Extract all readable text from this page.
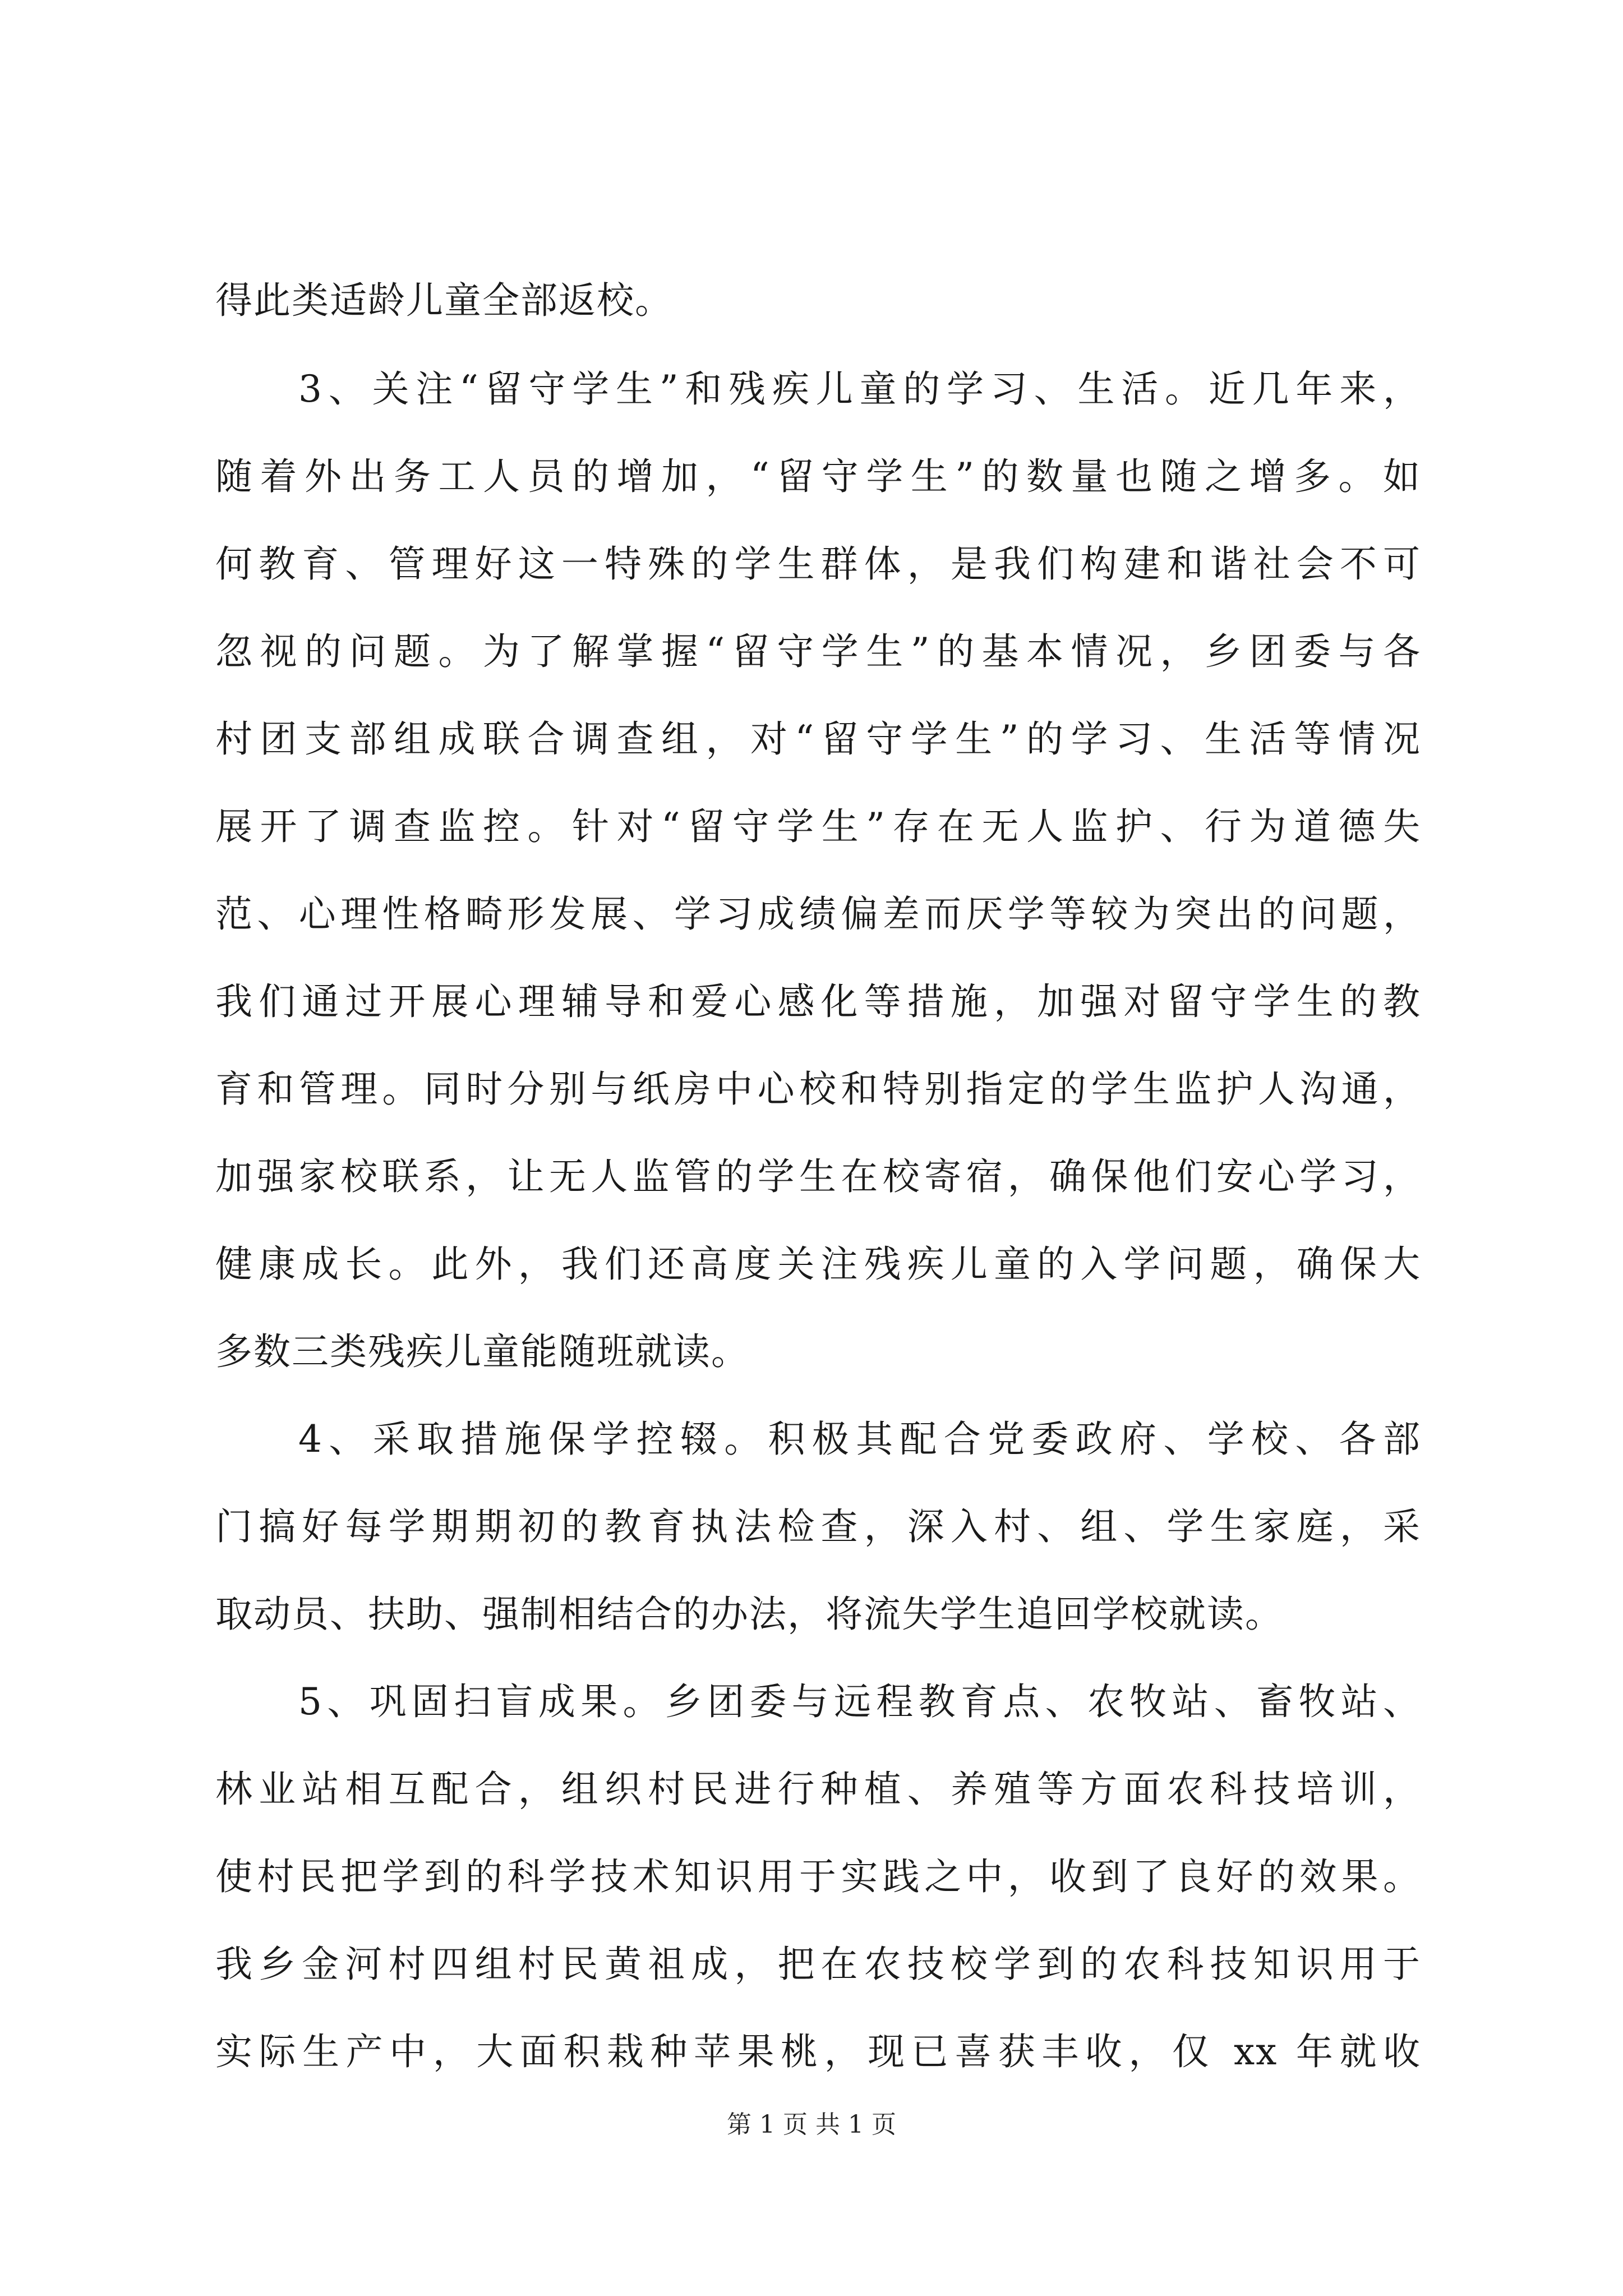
得此类适龄儿童全部返校。
3、关注“留守学生”和残疾儿童的学习、生活。近几年来，
随着外出务工人员的增加，“留守学生”的数量也随之增多。如
何教育、管理好这一特殊的学生群体，是我们构建和谐社会不可
忽视的问题。为了解掌握“留守学生”的基本情况，乡团委与各
村团支部组成联合调查组，对“留守学生”的学习、生活等情况
展开了调查监控。针对“留守学生”存在无人监护、行为道德失
范、心理性格畸形发展、学习成绩偏差而厌学等较为突出的问题，
我们通过开展心理辅导和爱心感化等措施，加强对留守学生的教
育和管理。同时分别与纸房中心校和特别指定的学生监护人沟通，
加强家校联系，让无人监管的学生在校寄宿，确保他们安心学习，
健康成长。此外，我们还高度关注残疾儿童的入学问题，确保大
多数三类残疾儿童能随班就读。
4、采取措施保学控辍。积极其配合党委政府、学校、各部
门搞好每学期期初的教育执法检查，深入村、组、学生家庭，采
取动员、扶助、强制相结合的办法，将流失学生追回学校就读。
5、巩固扫盲成果。乡团委与远程教育点、农牧站、畜牧站、
林业站相互配合，组织村民进行种植、养殖等方面农科技培训，
使村民把学到的科学技术知识用于实践之中，收到了良好的效果。
我乡金河村四组村民黄祖成，把在农技校学到的农科技知识用于
实际生产中，大面积栽种苹果桃，现已喜获丰收，仅 xx 年就收
第 1 页 共 1 页
